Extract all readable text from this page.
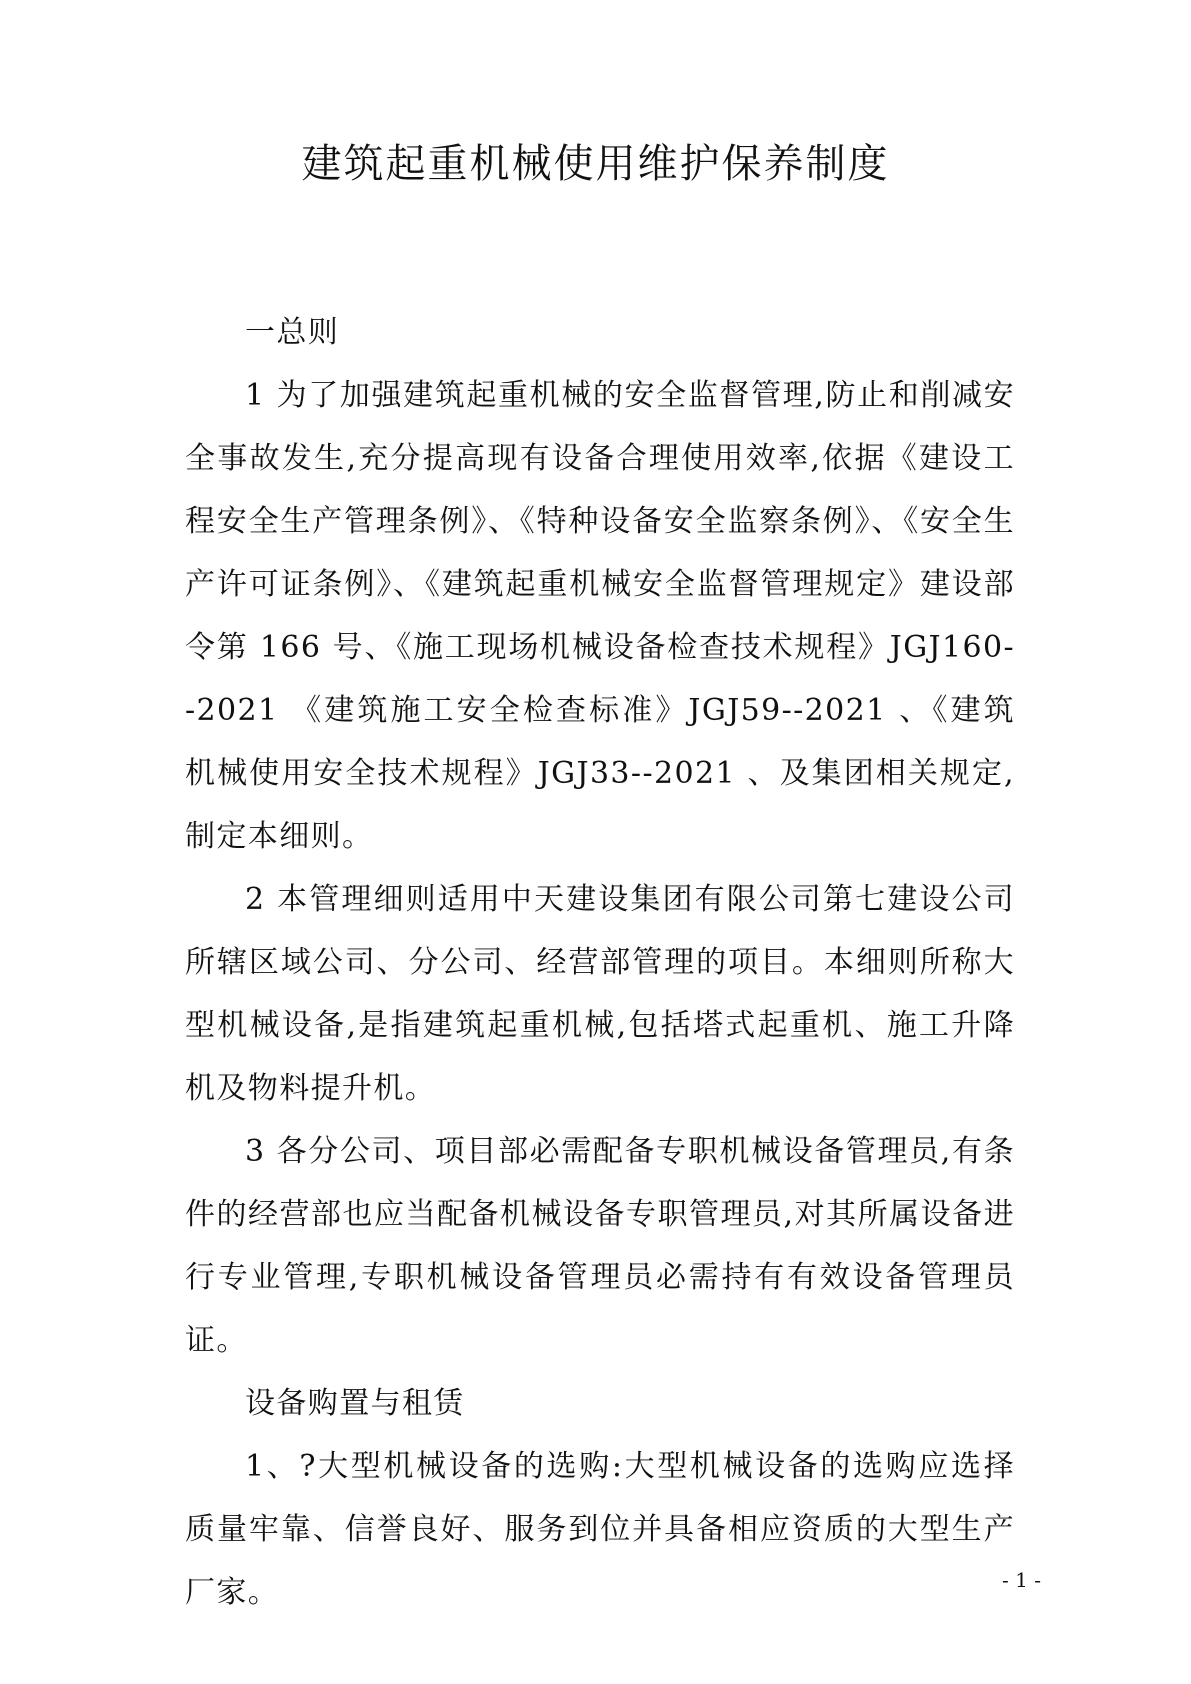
建筑起重机械使用维护保养制度

一总则

1 为了加强建筑起重机械的安全监督管理,防止和削减安全事故发生,充分提高现有设备合理使用效率,依据《建设工程安全生产管理条例》、《特种设备安全监察条例》、《安全生产许可证条例》、《建筑起重机械安全监督管理规定》建设部令第 166 号、《施工现场机械设备检查技术规程》JGJ160--2021 《建筑施工安全检查标准》JGJ59--2021 、《建筑机械使用安全技术规程》JGJ33--2021 、及集团相关规定,制定本细则。

2 本管理细则适用中天建设集团有限公司第七建设公司所辖区域公司、分公司、经营部管理的项目。本细则所称大型机械设备,是指建筑起重机械,包括塔式起重机、施工升降机及物料提升机。

3 各分公司、项目部必需配备专职机械设备管理员,有条件的经营部也应当配备机械设备专职管理员,对其所属设备进行专业管理,专职机械设备管理员必需持有有效设备管理员证。

设备购置与租赁

1、?大型机械设备的选购:大型机械设备的选购应选择质量牢靠、信誉良好、服务到位并具备相应资质的大型生产厂家。	- 1 -
